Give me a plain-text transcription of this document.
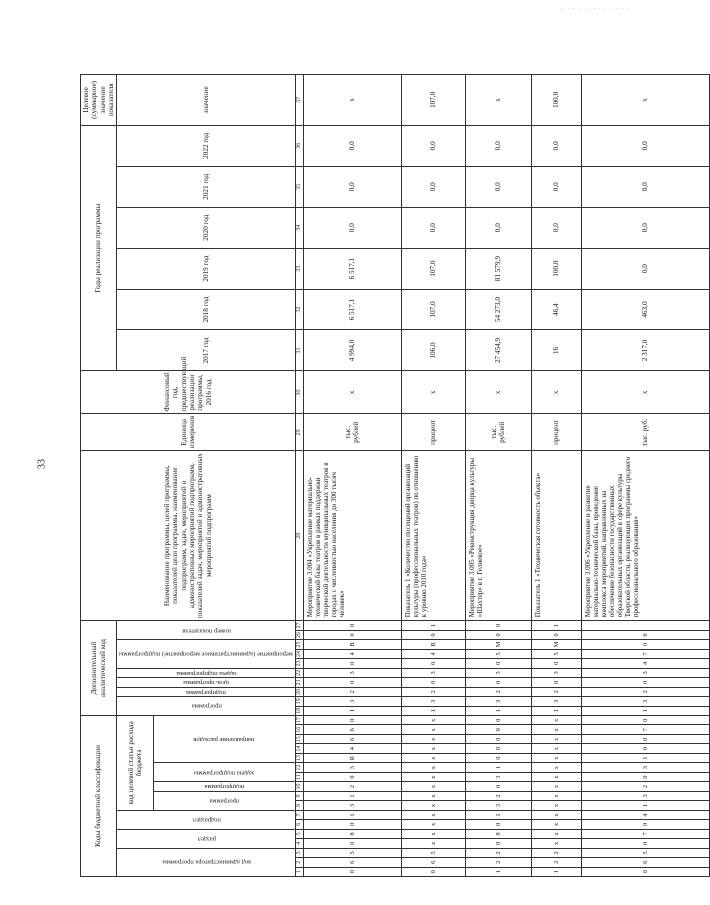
· · · · · ·· · · · · · ·
33
Коды бюджетной классификации																	Дополнительный аналитический код										Наименование программы, целей программы, показателей цели программы, наименование подпрограмм, задач, мероприятий и административных мероприятий подпрограмм, показателей задач, мероприятий и административных мероприятий подпрограмм	Единица измерения	Финансовый год, предшествующий реализации программы, 2016 год	Годы реализации программы						Целевое (суммарное) значение показателя
код администратора программы			раздел		подраздел		код целевой статьи расхода бюджета										программа		подпрограмма	цель программы	задача подпрограммы	мероприятие (административное мероприятие) подпрограммы			номер показателя					2017 год	2018 год	2019 год	2020 год	2021 год	2022 год	значение
							программа		подпрограмма	задача подпрограммы		направление расходов																								
1	2	3	4	5	6	7	8	9	10	11	12	13	14	15	16	17	18	19	20	21	22	23	24	25	26	27	28	29	30	31	32	33	34	35	36	37
0	6	5	0	8	0	1	3	1	2	0	3	R	4	6	6	0	1	3	2	0	3	0	4	В	0	0	Мероприятие 3.004 «Укрепление материально-технической базы театров в рамках поддержки творческой деятельности муниципальных театров в городах с численностью населения до 300 тысяч человек»	тыс. рублей	х	4 994,0	6 517,1	6 517,1	0,0	0,0	0,0	х
0	6	5	х	х	х	х	х	х	х	х	х	х	х	х	х	х	1	3	2	0	3	0	4	В	0	1	Показатель 1 «Количество посещений организаций культуры (профессиональных театров) по отношению к уровню 2010 года»	процент	х	106,0	107,0	107,0	0,0	0,0	0,0	107,0
1	2	2	0	8	0	1	3	2	0	3	1	0	0	0	0	0	1	3	2	0	3	0	5	М	0	0	Мероприятие 3.005 «Реконструкция дворца культуры «Шахтер» в г. Гелиевое»	тыс. рублей	х	27 454,9	54 273,0	81 579,9	0,0	0,0	0,0	х
1	2	2	х	х	х	х	х	х	х	х	х	х	х	х	х	х	1	3	2	0	3	0	5	М	0	1	Показатель 1 «Техническая готовность объекта»	процент	х	16	46,4	100,0	0,0	0,0	0,0	100,0
0	6	5	0	7	0	4	1	3	2	0	3	1	0	0	7	0	1	3	2	0	3	4	7	0	0		Мероприятие 3.006 «Укрепление и развитие материально-технической базы, проведение комплекса мероприятий, направленных на обеспечение безопасности государственных образовательных организаций в сфере культуры Тверской области, реализующих программы среднего профессионального образования»	тыс. руб.	х	2 317,0	463,0	0,0	0,0	0,0	0,0	х
